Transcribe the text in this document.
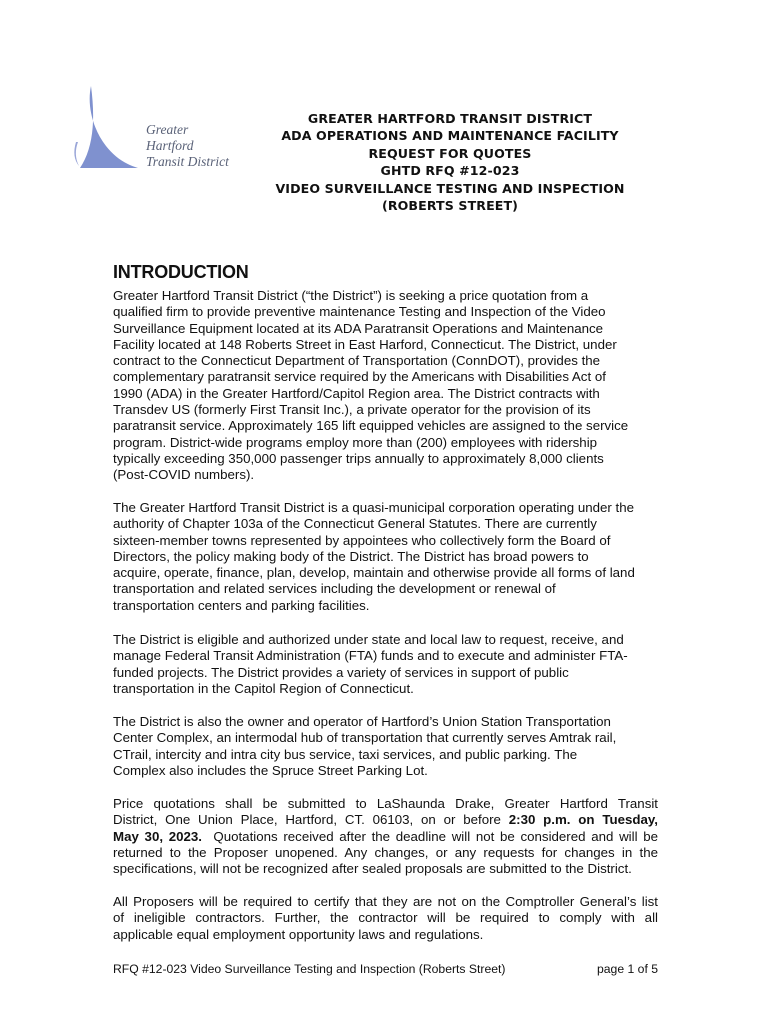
Greater
Hartford
Transit District
GREATER HARTFORD TRANSIT DISTRICT
ADA OPERATIONS AND MAINTENANCE FACILITY
REQUEST FOR QUOTES
GHTD RFQ #12-023
VIDEO SURVEILLANCE TESTING AND INSPECTION
(ROBERTS STREET)
INTRODUCTION
Greater Hartford Transit District (“the District”) is seeking a price quotation from a
qualified firm to provide preventive maintenance Testing and Inspection of the Video
Surveillance Equipment located at its ADA Paratransit Operations and Maintenance
Facility located at 148 Roberts Street in East Harford, Connecticut. The District, under
contract to the Connecticut Department of Transportation (ConnDOT), provides the
complementary paratransit service required by the Americans with Disabilities Act of
1990 (ADA) in the Greater Hartford/Capitol Region area. The District contracts with
Transdev US (formerly First Transit Inc.), a private operator for the provision of its
paratransit service. Approximately 165 lift equipped vehicles are assigned to the service
program. District-wide programs employ more than (200) employees with ridership
typically exceeding 350,000 passenger trips annually to approximately 8,000 clients
(Post-COVID numbers).
The Greater Hartford Transit District is a quasi-municipal corporation operating under the
authority of Chapter 103a of the Connecticut General Statutes. There are currently
sixteen-member towns represented by appointees who collectively form the Board of
Directors, the policy making body of the District. The District has broad powers to
acquire, operate, finance, plan, develop, maintain and otherwise provide all forms of land
transportation and related services including the development or renewal of
transportation centers and parking facilities.
The District is eligible and authorized under state and local law to request, receive, and
manage Federal Transit Administration (FTA) funds and to execute and administer FTA-
funded projects. The District provides a variety of services in support of public
transportation in the Capitol Region of Connecticut.
The District is also the owner and operator of Hartford’s Union Station Transportation
Center Complex, an intermodal hub of transportation that currently serves Amtrak rail,
CTrail, intercity and intra city bus service, taxi services, and public parking. The
Complex also includes the Spruce Street Parking Lot.
Price quotations shall be submitted to LaShaunda Drake, Greater Hartford Transit
District, One Union Place, Hartford, CT. 06103, on or before 2:30 p.m. on Tuesday,
May 30, 2023.  Quotations received after the deadline will not be considered and will be
returned to the Proposer unopened. Any changes, or any requests for changes in the
specifications, will not be recognized after sealed proposals are submitted to the District.
All Proposers will be required to certify that they are not on the Comptroller General’s list
of ineligible contractors. Further, the contractor will be required to comply with all
applicable equal employment opportunity laws and regulations.
RFQ #12-023 Video Surveillance Testing and Inspection (Roberts Street)	page 1 of 5
